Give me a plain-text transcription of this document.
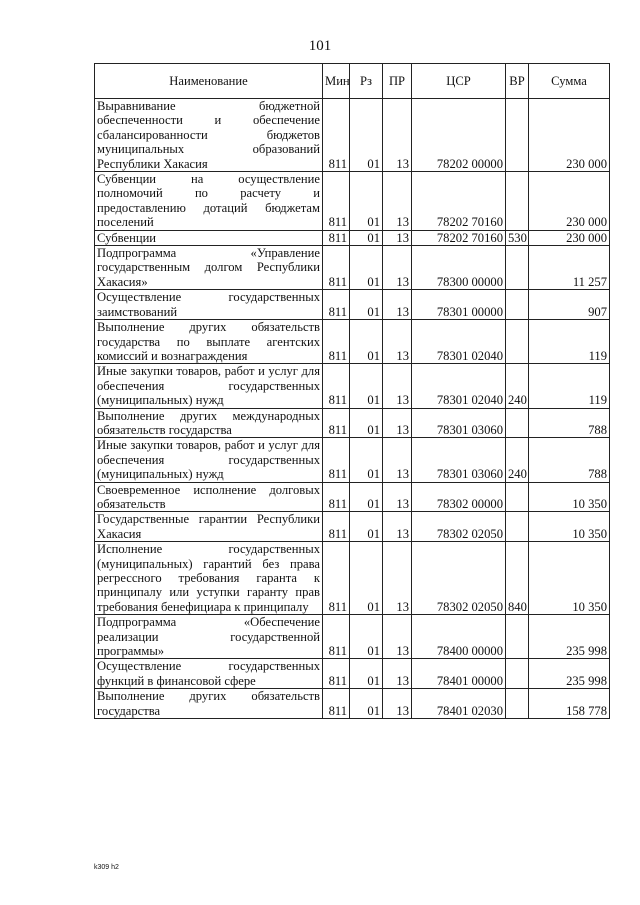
101
Наименование	Мин	Рз	ПР	ЦСР	ВР	Сумма
Выравнивание бюджетной обеспеченности и обеспечение сбалансированности бюджетов муниципальных образований Республики Хакасия	811	01	13	78202 00000		230 000
Субвенции на осуществление полномочий по расчету и предоставлению дотаций бюджетам поселений	811	01	13	78202 70160		230 000
Субвенции	811	01	13	78202 70160	530	230 000
Подпрограмма «Управление государственным долгом Республики Хакасия»	811	01	13	78300 00000		11 257
Осуществление государственных заимствований	811	01	13	78301 00000		907
Выполнение других обязательств государства по выплате агентских комиссий и вознаграждения	811	01	13	78301 02040		119
Иные закупки товаров, работ и услуг для обеспечения государственных (муниципальных) нужд	811	01	13	78301 02040	240	119
Выполнение других международных обязательств государства	811	01	13	78301 03060		788
Иные закупки товаров, работ и услуг для обеспечения государственных (муниципальных) нужд	811	01	13	78301 03060	240	788
Своевременное исполнение долговых обязательств	811	01	13	78302 00000		10 350
Государственные гарантии Республики Хакасия	811	01	13	78302 02050		10 350
Исполнение государственных (муниципальных) гарантий без права регрессного требования гаранта к принципалу или уступки гаранту прав требования бенефициара к принципалу	811	01	13	78302 02050	840	10 350
Подпрограмма «Обеспечение реализации государственной программы»	811	01	13	78400 00000		235 998
Осуществление государственных функций в финансовой сфере	811	01	13	78401 00000		235 998
Выполнение других обязательств государства	811	01	13	78401 02030		158 778
k309 h2
